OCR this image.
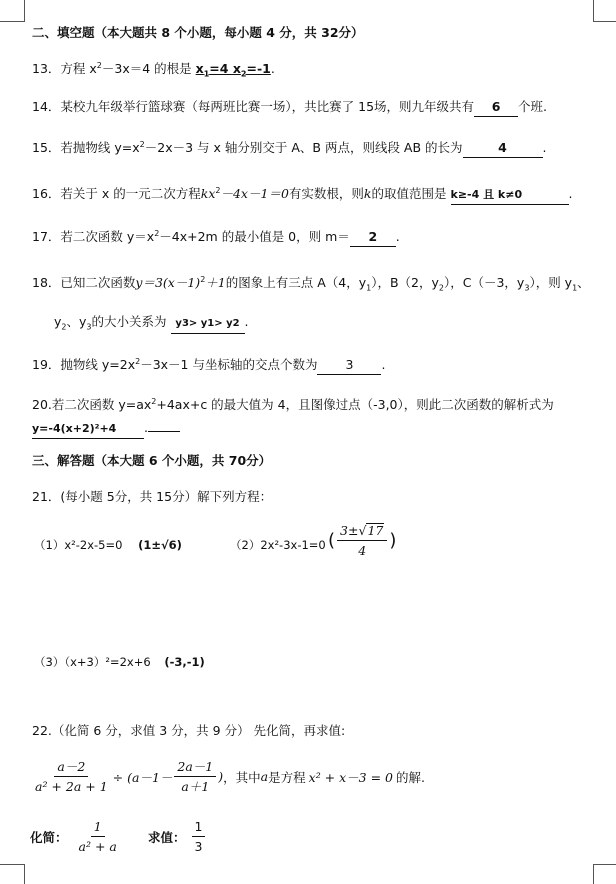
二、填空题（本大题共 8 个小题，每小题 4 分，共 32分）
13．方程 $x^2-3x=4$ 的根是 $x_1=4$ $x_2=-1$.
14．某校九年级举行篮球赛（每两班比赛一场），共比赛了 15场，则九年级共有 6 个班.
15．若抛物线 $y=x^2-2x-3$ 与 x 轴分别交于 A、B 两点，则线段 AB 的长为	4	.
16．若关于 x 的一元二次方程$kx^2-4x-1=0$有实数根，则k的取值范围是 k≥-4 且 k≠0	.
17．若二次函数 $y=x^2-4x+2m$ 的最小值是 0，则 m＝ 2 .
18．已知二次函数$y=3(x-1)^2+1$的图象上有三点 A（4，$y_1$），B（2，$y_2$），C（－3，$y_3$），则 $y_1$、
$y_2$、$y_3$的大小关系为 y3> y1> y2 .
19．抛物线 $y=2x^2-3x-1$ 与坐标轴的交点个数为 3 .
20.若二次函数 $y=ax^2+4ax+c$ 的最大值为 4，且图像过点（-3,0），则此二次函数的解析式为
y=-4(x+2)²+4 .
三、解答题（本大题 6 个小题，共 70分）
21．(每小题 5分，共 15分）解下列方程：
（1）x²-2x-5=0 (1±√6)	（2）2x²-3x-1=0 ( $\frac{3\pm√17}{4}$ )
（3）（x+3）²=2x+6 (-3,-1)
22.（化简 6 分，求值 3 分，共 9 分） 先化简，再求值:
$\frac{a-2}{\text{a² + 2a + 1}} \div (a-1- \frac{2a-1}{a+1}$ ) ，其中 a 是方程 x² + x－3 = 0 的解.
化简： $\frac{1}{\text{a² + a}}$ 求值： $\frac{1}{3}$
